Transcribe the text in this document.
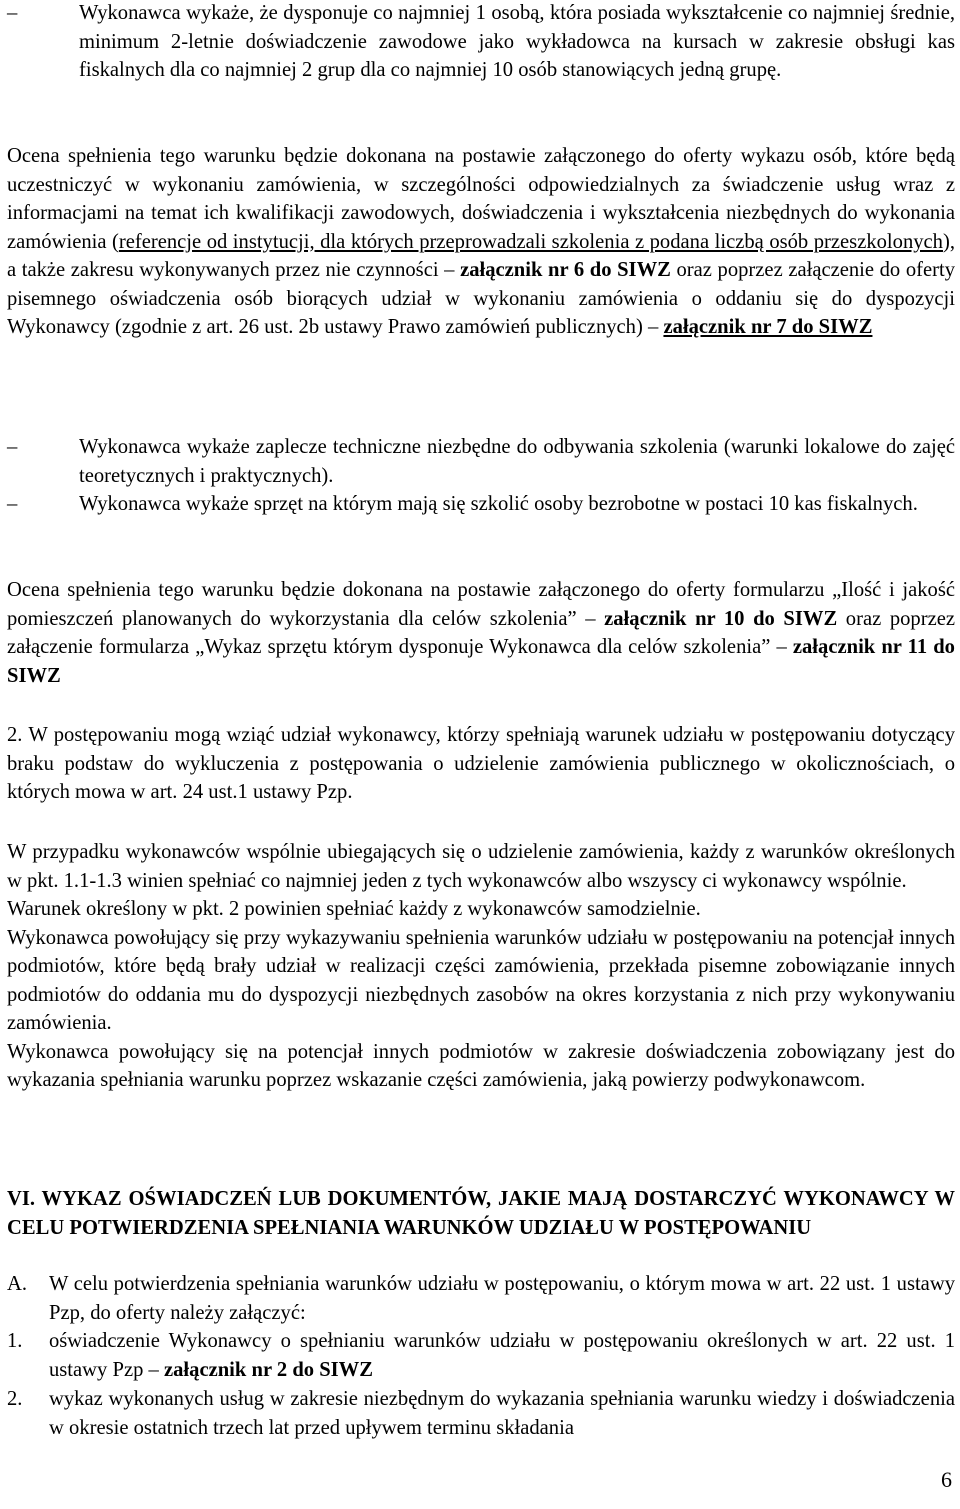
–	Wykonawca wykaże, że dysponuje co najmniej 1 osobą, która posiada wykształcenie co najmniej średnie, minimum 2-letnie doświadczenie zawodowe jako wykładowca na kursach w zakresie obsługi kas fiskalnych dla co najmniej 2 grup dla co najmniej 10 osób stanowiących jedną grupę.

Ocena spełnienia tego warunku będzie dokonana na postawie załączonego do oferty wykazu osób, które będą uczestniczyć w wykonaniu zamówienia, w szczególności odpowiedzialnych za świadczenie usług wraz z informacjami na temat ich kwalifikacji zawodowych, doświadczenia i wykształcenia niezbędnych do wykonania zamówienia (referencje od instytucji, dla których przeprowadzali szkolenia z podana liczbą osób przeszkolonych), a także zakresu wykonywanych przez nie czynności – załącznik nr 6 do SIWZ oraz poprzez załączenie do oferty pisemnego oświadczenia osób biorących udział w wykonaniu zamówienia o oddaniu się do dyspozycji Wykonawcy (zgodnie z art. 26 ust. 2b ustawy Prawo zamówień publicznych) – załącznik nr 7 do SIWZ

–	Wykonawca wykaże zaplecze techniczne niezbędne do odbywania szkolenia (warunki lokalowe do zajęć teoretycznych i praktycznych).
–	Wykonawca wykaże sprzęt na którym mają się szkolić osoby bezrobotne w postaci 10 kas fiskalnych.

Ocena spełnienia tego warunku będzie dokonana na postawie załączonego do oferty formularzu „Ilość i jakość pomieszczeń planowanych do wykorzystania dla celów szkolenia” – załącznik nr 10 do SIWZ oraz poprzez załączenie formularza „Wykaz sprzętu którym dysponuje Wykonawca dla celów szkolenia” – załącznik nr 11 do SIWZ

2. W postępowaniu mogą wziąć udział wykonawcy, którzy spełniają warunek udziału w postępowaniu dotyczący braku podstaw do wykluczenia z postępowania o udzielenie zamówienia publicznego w okolicznościach, o których mowa w art. 24 ust.1 ustawy Pzp.

W przypadku wykonawców wspólnie ubiegających się o udzielenie zamówienia, każdy z warunków określonych w pkt. 1.1-1.3 winien spełniać co najmniej jeden z tych wykonawców albo wszyscy ci wykonawcy wspólnie.

Warunek określony w pkt. 2 powinien spełniać każdy z wykonawców samodzielnie.

Wykonawca powołujący się przy wykazywaniu spełnienia warunków udziału w postępowaniu na potencjał innych podmiotów, które będą brały udział w realizacji części zamówienia, przekłada pisemne zobowiązanie innych podmiotów do oddania mu do dyspozycji niezbędnych zasobów na okres korzystania z nich przy wykonywaniu zamówienia.

Wykonawca powołujący się na potencjał innych podmiotów w zakresie doświadczenia zobowiązany jest do wykazania spełniania warunku poprzez wskazanie części zamówienia, jaką powierzy podwykonawcom.

VI. WYKAZ OŚWIADCZEŃ LUB DOKUMENTÓW, JAKIE MAJĄ DOSTARCZYĆ WYKONAWCY W CELU POTWIERDZENIA SPEŁNIANIA WARUNKÓW UDZIAŁU W POSTĘPOWANIU

A. W celu potwierdzenia spełniania warunków udziału w postępowaniu, o którym mowa w art. 22 ust. 1 ustawy Pzp, do oferty należy załączyć:
1. oświadczenie Wykonawcy o spełnianiu warunków udziału w postępowaniu określonych w art. 22 ust. 1 ustawy Pzp – załącznik nr 2 do SIWZ
2. wykaz wykonanych usług w zakresie niezbędnym do wykazania spełniania warunku wiedzy i doświadczenia w okresie ostatnich trzech lat przed upływem terminu składania
6
